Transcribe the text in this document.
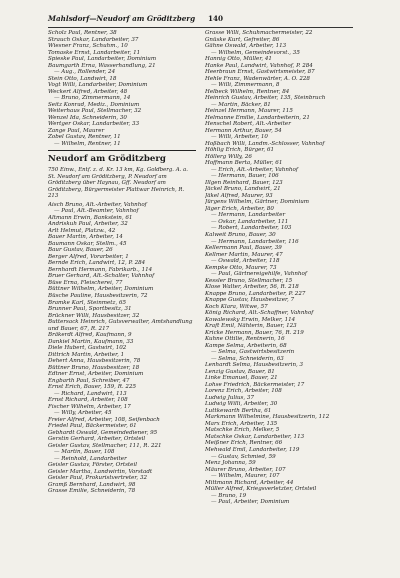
Mahlsdorf—Neudorf am Gröditzberg 140
Scholz Paul, Rentner, 38
Strauch Oskar, Landarbeiter, 37
Wiesner Franz, Schuhm., 10
Tomaske Ernst, Landarbeiter, 11
Spieske Paul, Landarbeiter, Dominium
Baumgarth Erna, Wasserhandlung, 21
— Aug., Rollender, 24
Stein Otto, Landwirt, 18
Vogt Willi, Landarbeiter, Dominium
Weckert Alfred, Arbeiter, 48
— Bruno, Zimmermann, 14
Seitz Konrad, Mediz., Dominium
Weiterhaus Paul, Stellmacher, 32
Wenzel Ida, Schneiderin, 30
Wertger Oskar, Landarbeiter, 33
Zange Paul, Maurer
Zobel Gustav, Rentner, 11
— Wilhelm, Rentner, 11
Neudorf am Gröditzberg
750 Einw., Entf. z. d. Kr. 13 km, Kg. Goldberg. A. a. St. Neudorf am Gröditzberg, P. Neudorf am Gröditzberg über Haynau, Gff. Neudorf am Gröditzberg, Bürgermeister Plattwar Heinrich, R. 213
Aisch Bruno, Alt.-Arbeiter, Vahnhof
— Paul, Alt.-Beamter, Vahnhof
Altmann Erwin, Bankstein, 61
Andriskuh Paul, Arbeiter, 32
Arlt Helmut, Platzw., 42
Bauer Martin, Arbeiter, 14
Baumann Oskar, Stellm., 45
Baur Gustav, Bauer, 26
Berger Alfred, Vorarbeiter, 1
Bernde Erich, Landwirt, 12, P. 284
Bernhardt Hermann, Fabrikarb., 114
Bruer Gerhard, Alt.-Schalter, Vahnhof
Büse Erna, Fleischerei, 77
Büttner Wilhelm, Arbeiter, Dominium
Büsche Pauline, Hausbesitzerin, 72
Bramke Karl, Steinmetz, 65
Brunner Paul, Sportbesitz, 31
Brückner Willi, Hausbesitzer, 32
Buttersack Heinrich, Gutsverwalter, Amtshandlung
und Bauer, 67, R. 217
Bräkerdt Alfred, Kaufmann, 9
Dankiel Martin, Kaufmann, 33
Diele Hubert, Gastwirt, 102
Dittrich Martin, Arbeiter, 1
Dehert Anna, Hausbesitzerin, 78
Büttner Bruno, Hausbesitzer, 18
Edtner Ernst, Arbeiter, Dominium
Engbarth Paul, Schreiber, 47
Ernst Erich, Bauer, 159, R. 225
— Richard, Landwirt, 113
Ernst Richard, Arbeiter, 108
Fischer Wilhelm, Arbeiter, 17
— Willy, Arbeiter, 45
Freier Alfred, Arbeiter, 108, Seifenbach
Friedel Paul, Bäckermeister, 61
Gebhardt Oswald, Gemeindediener, 95
Gerstin Gerhard, Arbeiter, Ortsteil
Geisler Gustav, Stellmacher, 111, R. 221
— Martin, Bauer, 108
— Reinhold, Landarbeiter
Geisler Gustav, Förster, Ortsteil
Geisler Martha, Landwirtin, Vorstadt
Geisler Paul, Prokuristvertreter, 32
Gramß Bernhard, Landwirt, 98
Grasse Emilie, Schneiderin, 78
Grasse Willi, Schuhmachermeister, 22
Gnüske Kurt, Gefreiter, 86
Gähne Oswald, Arbeiter, 113
— Wilhelm, Gemeindevorst., 35
Hannig Otto, Müller, 41
Hanke Paul, Landwirt, Vahnhof, P. 284
Heerbraun Ernst, Gastwirtsmeister, 87
Hehle Franz, Wadenwärter, A. O. 228
— Willi, Zimmermann, 8
Helbeck Wilhelm, Rentner, 84
Heinrich Gustav, Arbeiter, 135, Steinbruch
— Martin, Bäcker, 81
Heinzel Hermann, Maurer, 115
Helmanne Emilie, Landarbeiterin, 21
Henschel Robert, Alt.-Arbeiter
Hermann Arthur, Bauer, 54
— Willi, Arbeiter, 10
Hoßbach Willi, Landm.-Schlosser, Vahnhof
Höhlig Erich, Bürger, 61
Höllerg Willy, 26
Hoffmann Berta, Müller, 61
— Erich, Alt.-Arbeiter, Vahnhof
— Hermann, Bauer, 106
Illgen Reinhard, Bauer, 123
Jäckel Bruno, Landwirt, 21
Jäkel Alfred, Maurer, 93
Jürgens Wilhelm, Gärtner, Dominium
Jäger Erich, Arbeiter, 80
— Hermann, Landarbeiter
— Oskar, Landarbeiter, 111
— Robert, Landarbeiter, 103
Kalweit Bruno, Bauer, 30
— Hermann, Landarbeiter, 116
Kellermann Paul, Bauer, 39
Kellmer Martin, Maurer, 47
— Oswald, Arbeiter, 118
Kempke Otto, Maurer, 73
— Paul, Gärtnereigehilfe, Vahnhof
Kessler Bruno, Stellmacher, 15
Klose Walter, Arbeiter, 56, R. 218
Knappe Bruno, Landarbeiter, P. 227
Knappe Gustav, Hausbesitzer, 7
Koch Klara, Witwe, 57
König Richard, Alt.-Schaffner, Vahnhof
Kowalewsky Erwin, Melker, 114
Kraft Emil, Nähterin, Bauer, 123
Kricke Hermann, Bauer, 76, R. 219
Kuhne Ottilie, Rentnerin, 16
Kampe Selma, Arbeiterin, 68
— Selma, Gastwirtsbesitzerin
— Selma, Schneiderin, 63
Lenhardt Selma, Hausbesitzerin, 3
Lenzig Gustav, Bauer, 81
Linke Emanuel, Bauer, 21
Lohse Friedrich, Bäckermeister, 17
Lorenz Erich, Arbeiter, 108
Ludwig Julius, 37
Ludwig Willi, Arbeiter, 30
Luttkewarth Bertha, 61
Markmann Wilhelmine, Hausbesitzerin, 112
Marx Erich, Arbeiter, 135
Matschke Erich, Melker, 5
Matschke Oskar, Landarbeiter, 113
Meißner Erich, Rentner, 66
Mehwald Emil, Landarbeiter, 119
— Gustav, Schmied, 59
Menz Johanna, 59
Mäurer Bruno, Arbeiter, 107
— Wilhelm, Maurer, 107
Mittmann Richard, Arbeiter, 44
Müller Alfred, Kriegsverletzter, Ortsteil
— Bruno, 19
— Paul, Arbeiter, Dominium
